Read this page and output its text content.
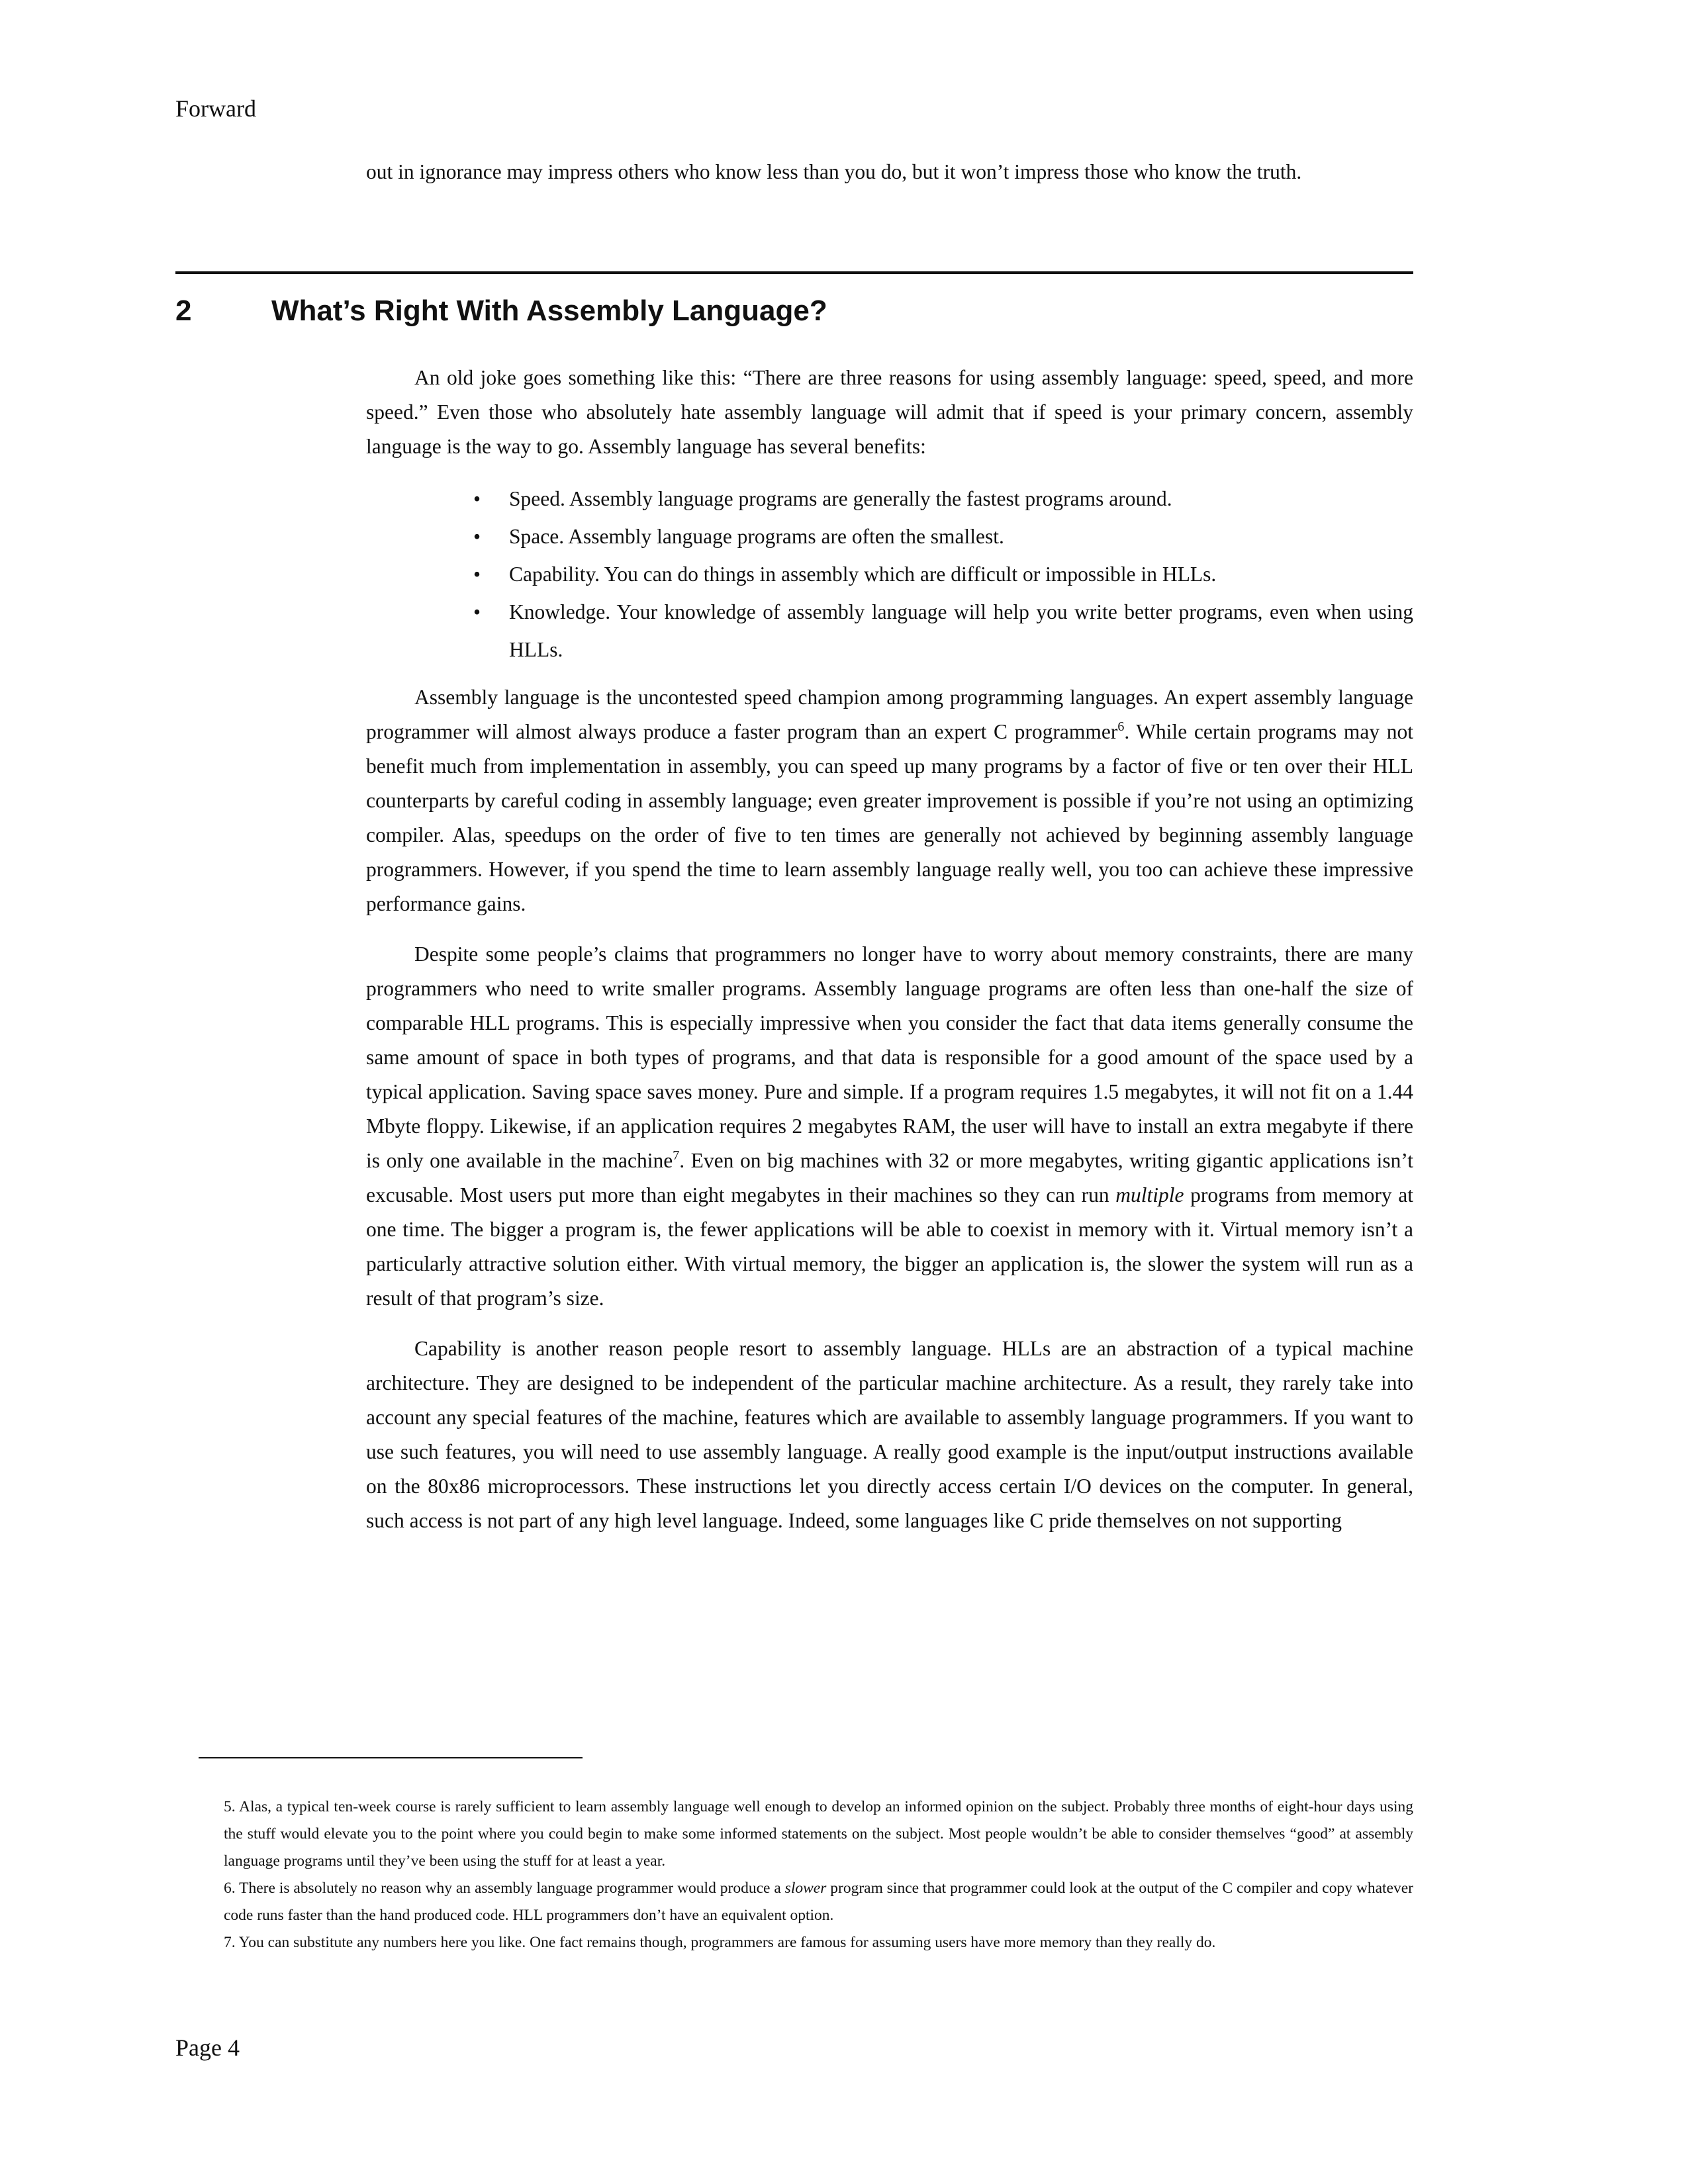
Forward
out in ignorance may impress others who know less than you do, but it won’t impress those who know the truth.
2	What’s Right With Assembly Language?

An old joke goes something like this: “There are three reasons for using assembly language: speed, speed, and more speed.” Even those who absolutely hate assembly language will admit that if speed is your primary concern, assembly language is the way to go. Assembly language has several benefits:

• Speed. Assembly language programs are generally the fastest programs around.
• Space. Assembly language programs are often the smallest.
• Capability. You can do things in assembly which are difficult or impossible in HLLs.
• Knowledge. Your knowledge of assembly language will help you write better programs, even when using HLLs.

Assembly language is the uncontested speed champion among programming languages. An expert assembly language programmer will almost always produce a faster program than an expert C programmer$^6$. While certain programs may not benefit much from implementation in assembly, you can speed up many programs by a factor of five or ten over their HLL counterparts by careful coding in assembly language; even greater improvement is possible if you’re not using an optimizing compiler. Alas, speedups on the order of five to ten times are generally not achieved by beginning assembly language programmers. However, if you spend the time to learn assembly language really well, you too can achieve these impressive performance gains.

Despite some people’s claims that programmers no longer have to worry about memory constraints, there are many programmers who need to write smaller programs. Assembly language programs are often less than one-half the size of comparable HLL programs. This is especially impressive when you consider the fact that data items generally consume the same amount of space in both types of programs, and that data is responsible for a good amount of the space used by a typical application. Saving space saves money. Pure and simple. If a program requires 1.5 megabytes, it will not fit on a 1.44 Mbyte floppy. Likewise, if an application requires 2 megabytes RAM, the user will have to install an extra megabyte if there is only one available in the machine$^7$. Even on big machines with 32 or more megabytes, writing gigantic applications isn’t excusable. Most users put more than eight megabytes in their machines so they can run multiple programs from memory at one time. The bigger a program is, the fewer applications will be able to coexist in memory with it. Virtual memory isn’t a particularly attractive solution either. With virtual memory, the bigger an application is, the slower the system will run as a result of that program’s size.

Capability is another reason people resort to assembly language. HLLs are an abstraction of a typical machine architecture. They are designed to be independent of the particular machine architecture. As a result, they rarely take into account any special features of the machine, features which are available to assembly language programmers. If you want to use such features, you will need to use assembly language. A really good example is the input/output instructions available on the 80x86 microprocessors. These instructions let you directly access certain I/O devices on the computer. In general, such access is not part of any high level language. Indeed, some languages like C pride themselves on not supporting

5. Alas, a typical ten-week course is rarely sufficient to learn assembly language well enough to develop an informed opinion on the subject. Probably three months of eight-hour days using the stuff would elevate you to the point where you could begin to make some informed statements on the subject. Most people wouldn’t be able to consider themselves “good” at assembly language programs until they’ve been using the stuff for at least a year.

6. There is absolutely no reason why an assembly language programmer would produce a slower program since that programmer could look at the output of the C compiler and copy whatever code runs faster than the hand produced code. HLL programmers don’t have an equivalent option.

7. You can substitute any numbers here you like. One fact remains though, programmers are famous for assuming users have more memory than they really do.

Page 4
